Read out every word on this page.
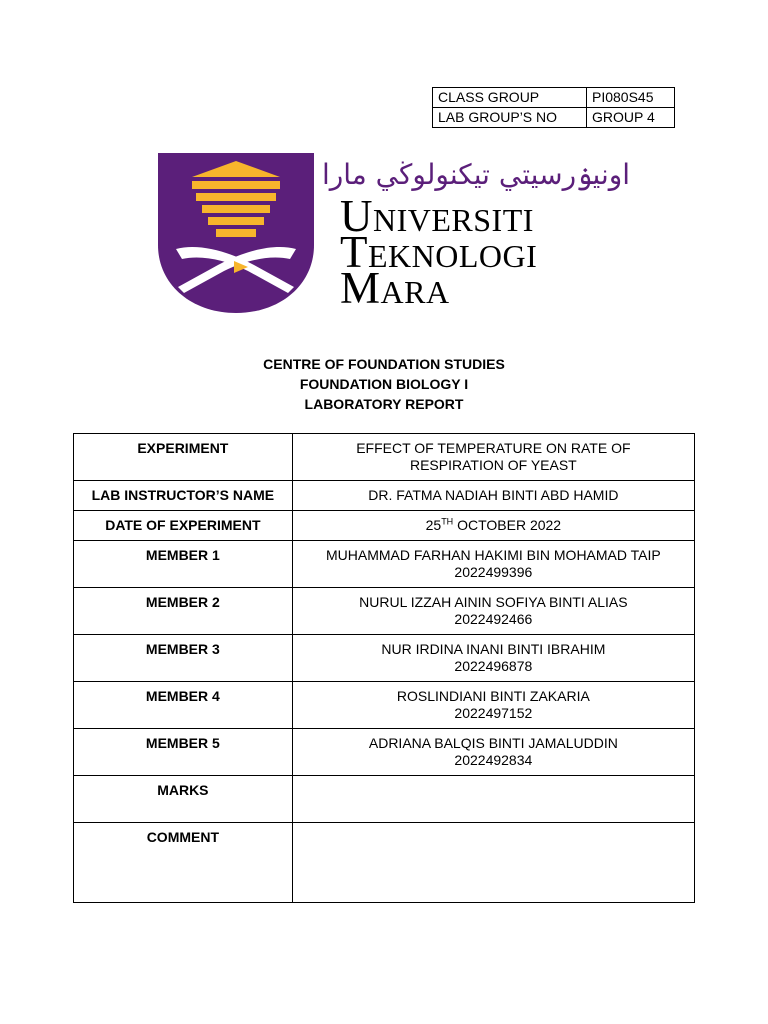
CLASS GROUP	PI080S45
LAB GROUP’S NO	GROUP 4
اونيۏرسيتي تيكنولوڬي مارا
Universiti
Teknologi
Mara
CENTRE OF FOUNDATION STUDIES
FOUNDATION BIOLOGY I
LABORATORY REPORT
EXPERIMENT	EFFECT OF TEMPERATURE ON RATE OF
RESPIRATION OF YEAST

LAB INSTRUCTOR’S NAME	DR. FATMA NADIAH BINTI ABD HAMID
DATE OF EXPERIMENT	25TH OCTOBER 2022
MEMBER 1	MUHAMMAD FARHAN HAKIMI BIN MOHAMAD TAIP
2022499396

MEMBER 2	NURUL IZZAH AININ SOFIYA BINTI ALIAS
2022492466

MEMBER 3	NUR IRDINA INANI BINTI IBRAHIM
2022496878

MEMBER 4	ROSLINDIANI BINTI ZAKARIA
2022497152

MEMBER 5	ADRIANA BALQIS BINTI JAMALUDDIN
2022492834

MARKS	
COMMENT	
